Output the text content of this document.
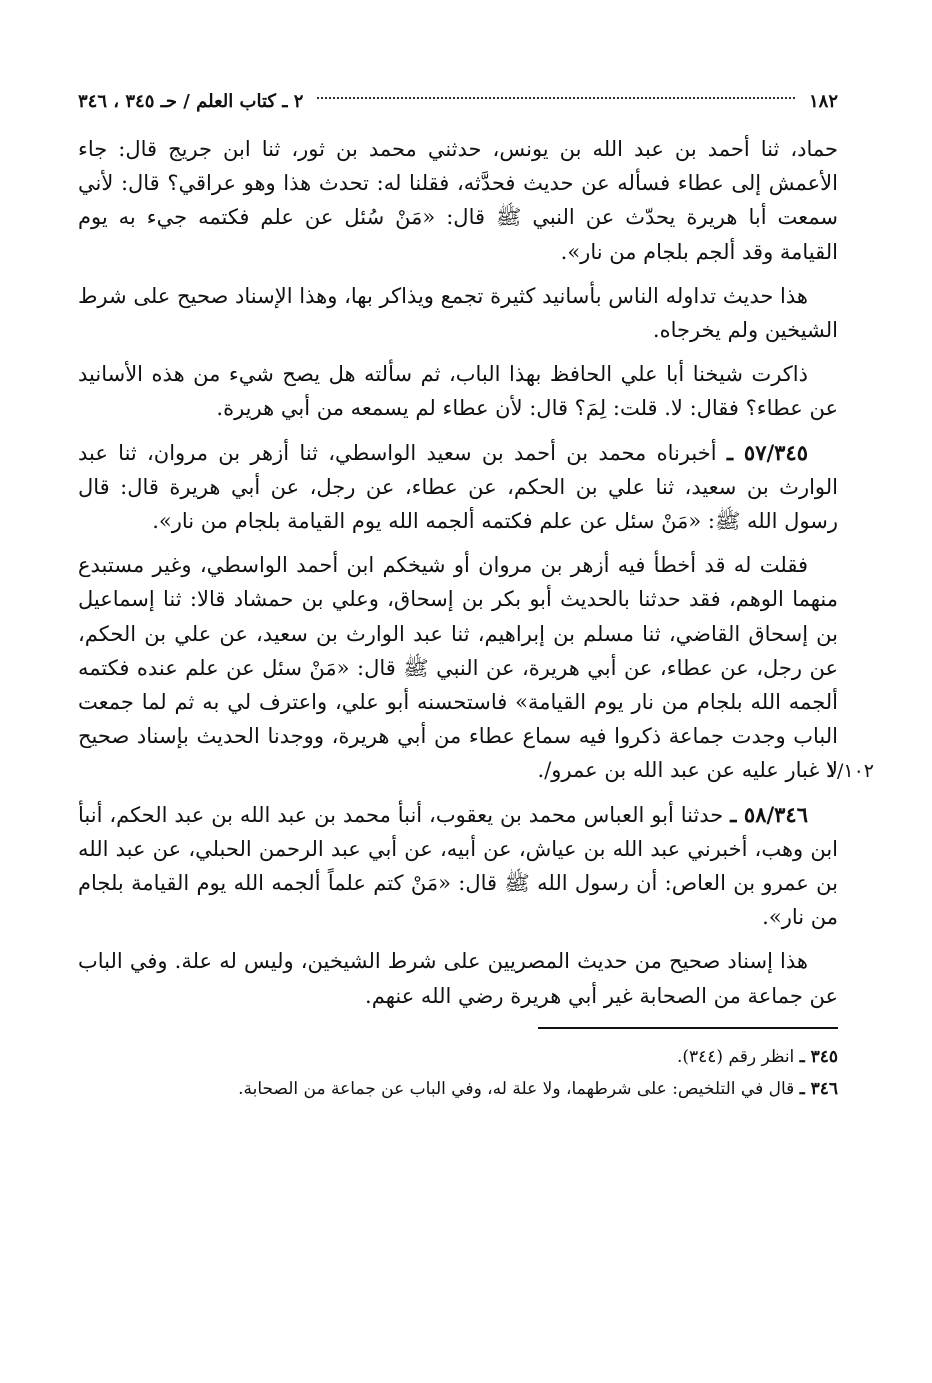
١٨٢
٢ ـ كتاب العلم / حـ ٣٤٥ ، ٣٤٦

حماد، ثنا أحمد بن عبد الله بن يونس، حدثني محمد بن ثور، ثنا ابن جريج قال: جاء الأعمش إلى عطاء فسأله عن حديث فحدَّثه، فقلنا له: تحدث هذا وهو عراقي؟ قال: لأني سمعت أبا هريرة يحدّث عن النبي ﷺ قال: «مَنْ سُئل عن علم فكتمه جيء به يوم القيامة وقد ألجم بلجام من نار».

هذا حديث تداوله الناس بأسانيد كثيرة تجمع ويذاكر بها، وهذا الإسناد صحيح على شرط الشيخين ولم يخرجاه.

ذاكرت شيخنا أبا علي الحافظ بهذا الباب، ثم سألته هل يصح شيء من هذه الأسانيد عن عطاء؟ فقال: لا. قلت: لِمَ؟ قال: لأن عطاء لم يسمعه من أبي هريرة.

٥٧/٣٤٥ ـ أخبرناه محمد بن أحمد بن سعيد الواسطي، ثنا أزهر بن مروان، ثنا عبد الوارث بن سعيد، ثنا علي بن الحكم، عن عطاء، عن رجل، عن أبي هريرة قال: قال رسول الله ﷺ: «مَنْ سئل عن علم فكتمه ألجمه الله يوم القيامة بلجام من نار».

فقلت له قد أخطأ فيه أزهر بن مروان أو شيخكم ابن أحمد الواسطي، وغير مستبدع منهما الوهم، فقد حدثنا بالحديث أبو بكر بن إسحاق، وعلي بن حمشاد قالا: ثنا إسماعيل بن إسحاق القاضي، ثنا مسلم بن إبراهيم، ثنا عبد الوارث بن سعيد، عن علي بن الحكم، عن رجل، عن عطاء، عن أبي هريرة، عن النبي ﷺ قال: «مَنْ سئل عن علم عنده فكتمه ألجمه الله بلجام من نار يوم القيامة» فاستحسنه أبو علي، واعترف لي به ثم لما جمعت الباب وجدت جماعة ذكروا فيه سماع عطاء من أبي هريرة، ووجدنا الحديث بإسناد صحيح لا غبار عليه عن عبد الله بن عمرو/.
١/١٠٢

٥٨/٣٤٦ ـ حدثنا أبو العباس محمد بن يعقوب، أنبأ محمد بن عبد الله بن عبد الحكم، أنبأ ابن وهب، أخبرني عبد الله بن عياش، عن أبيه، عن أبي عبد الرحمن الحبلي، عن عبد الله بن عمرو بن العاص: أن رسول الله ﷺ قال: «مَنْ كتم علماً ألجمه الله يوم القيامة بلجام من نار».

هذا إسناد صحيح من حديث المصريين على شرط الشيخين، وليس له علة. وفي الباب عن جماعة من الصحابة غير أبي هريرة رضي الله عنهم.

٣٤٥ ـ انظر رقم (٣٤٤).

٣٤٦ ـ قال في التلخيص: على شرطهما، ولا علة له، وفي الباب عن جماعة من الصحابة.
